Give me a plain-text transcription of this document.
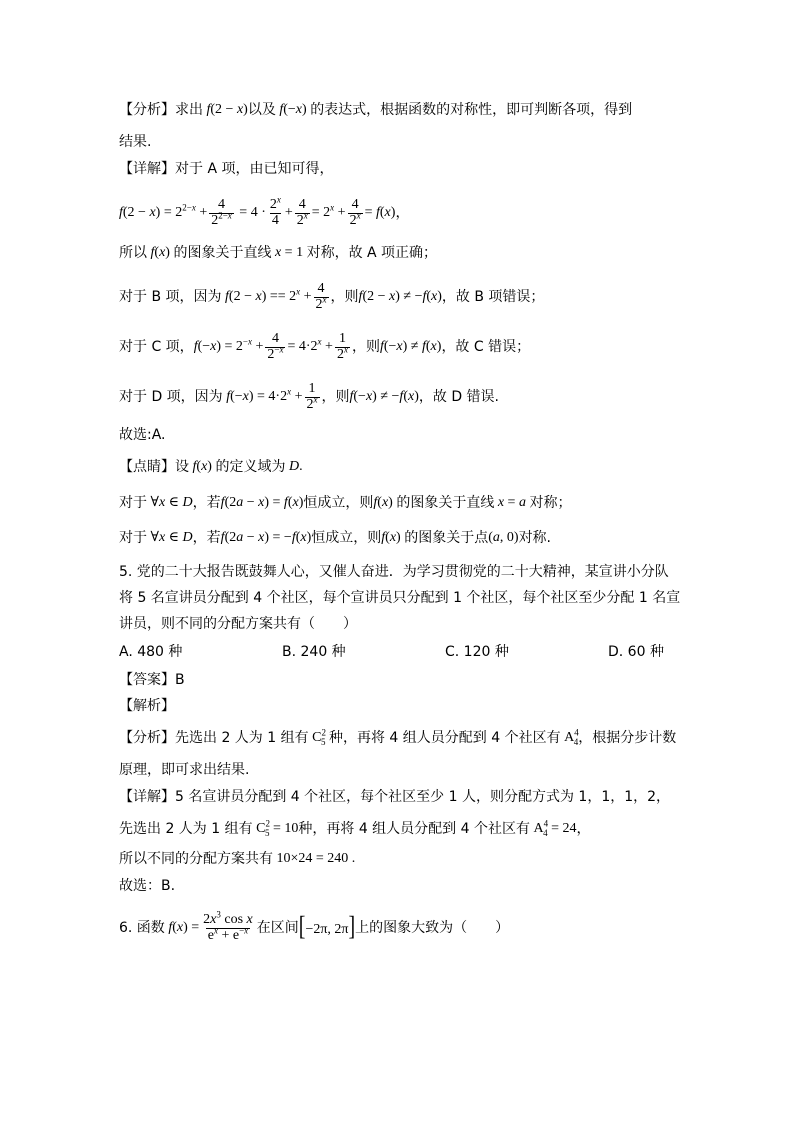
【分析】 求出 f(2 − x) 以及 f(−x) 的表达式，根据函数的对称性，即可判断各项，得到
结果.
【详解】 对于 A 项，由已知可得，
$f(2 - x) = 2^{2-x} + \frac{4}{2^{2-x}} = 4 \cdot \frac{2^x}{4} + \frac{4}{2^x} = 2^x + \frac{4}{2^x} = f(x)$ ，
所以 f(x) 的图象关于直线 x = 1 对称，故 A 项正确；
对于 B 项，因为 $f(2 - x) == 2^x + \frac{4}{2^x}$ ，则 f(2 − x) ≠ −f(x) ，故 B 项错误；
对于 C 项， $f(-x) = 2^{-x} + \frac{4}{2^{-x}} = 4\cdot 2^x + \frac{1}{2^x}$ ，则 f(−x) ≠ f(x) ，故 C 错误；
对于 D 项，因为 $f(-x) = 4\cdot 2^x + \frac{1}{2^x}$ ，则 f(−x) ≠ −f(x) ，故 D 错误.
故选:A.
【点睛】 设 f(x) 的定义域为 D.
对于 ∀x ∈ D ，若 f(2a − x) = f(x) 恒成立，则 f(x) 的图象关于直线 x = a 对称；
对于 ∀x ∈ D ，若 f(2a − x) = −f(x) 恒成立，则 f(x) 的图象关于点 (a, 0) 对称.
5. 党的二十大报告既鼓舞人心，又催人奋进．为学习贯彻党的二十大精神，某宣讲小分队
将 5 名宣讲员分配到 4 个社区，每个宣讲员只分配到 1 个社区，每个社区至少分配 1 名宣
讲员，则不同的分配方案共有（　　）
A. 480 种	B. 240 种	C. 120 种	D. 60 种
【答案】B
【解析】
【分析】 先选出 2 人为 1 组有 $C^2_5$ 种，再将 4 组人员分配到 4 个社区有 $A^4_4$ ，根据分步计数
原理，即可求出结果.
【详解】 5 名宣讲员分配到 4 个社区，每个社区至少 1 人，则分配方式为 1，1，1，2，
先选出 2 人为 1 组有 $C^2_5 = 10$ 种，再将 4 组人员分配到 4 个社区有 $A^4_4 = 24$ ，
所以不同的分配方案共有 10×24 = 240 .
故选：B.
6. 函数 $f(x) = \frac{2x^3 \cos x}{e^x + e^{-x}}$ 在区间 [−2π, 2π] 上的图象大致为（　　）
